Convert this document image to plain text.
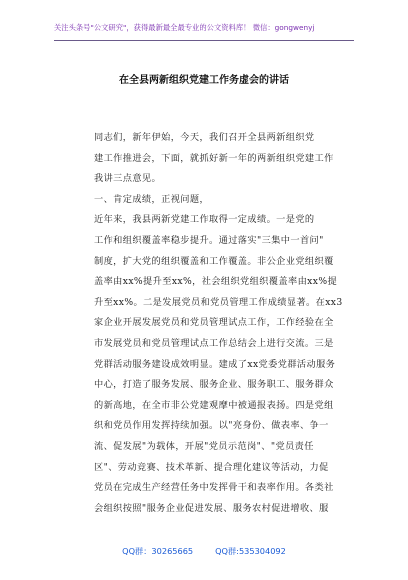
关注头条号"公文研究"，获得最新最全最专业的公文资料库！ 微信：gongwenyj
在全县两新组织党建工作务虚会的讲话
同志们，新年伊始，今天，我们召开全县两新组织党
建工作推进会，下面，就抓好新一年的两新组织党建工作
我讲三点意见。
一、肯定成绩，正视问题，
近年来，我县两新党建工作取得一定成绩。一是党的
工作和组织覆盖率稳步提升。通过落实"三集中一首问"
制度，扩大党的组织覆盖和工作覆盖。非公企业党组织覆
盖率由xx%提升至xx%，社会组织党组织覆盖率由xx%提
升至xx%。二是发展党员和党员管理工作成绩显著。在xx3
家企业开展发展党员和党员管理试点工作，工作经验在全
市发展党员和党员管理试点工作总结会上进行交流。三是
党群活动服务建设成效明显。建成了xx党委党群活动服务
中心，打造了服务发展、服务企业、服务职工、服务群众
的新高地，在全市非公党建观摩中被通报表扬。四是党组
织和党员作用发挥持续加强。以"亮身份、做表率、争一
流、促发展"为载体，开展"党员示范岗"、"党员责任
区"、劳动竞赛、技术革新、提合理化建议等活动，力促
党员在完成生产经营任务中发挥骨干和表率作用。各类社
会组织按照"服务企业促进发展、服务农村促进增收、服
QQ群：30265665	QQ群:535304092
